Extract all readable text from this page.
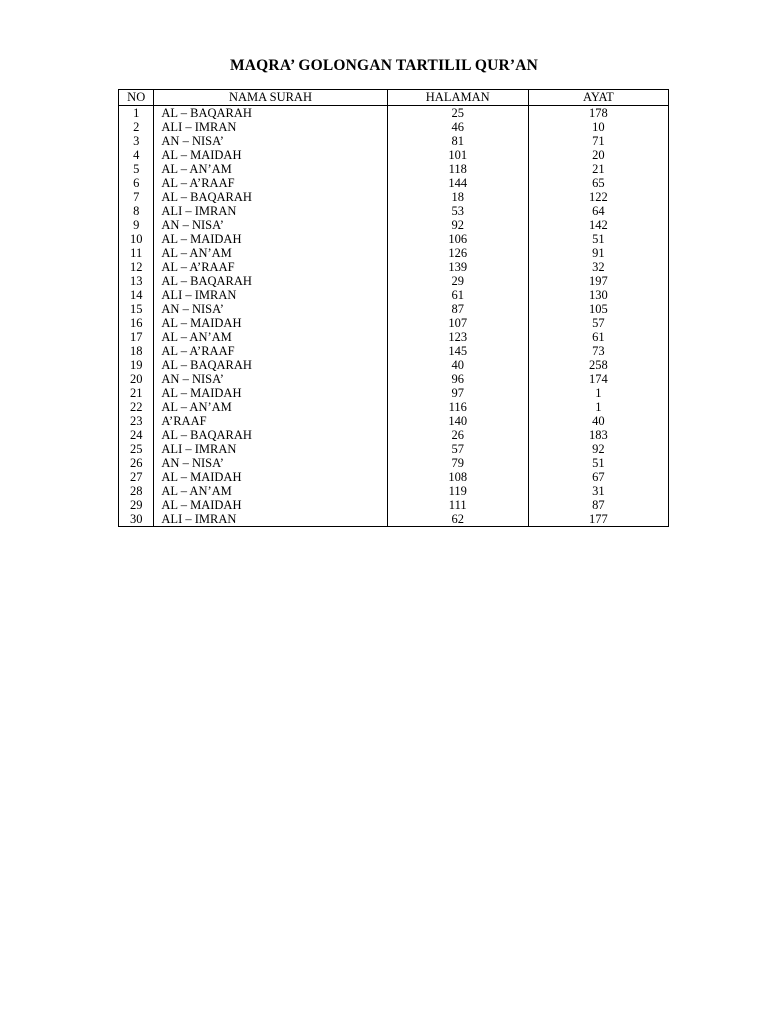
MAQRA’ GOLONGAN TARTILIL QUR’AN
NO	NAMA SURAH	HALAMAN	AYAT
1	AL – BAQARAH	25	178
2	ALI – IMRAN	46	10
3	AN – NISA’	81	71
4	AL – MAIDAH	101	20
5	AL – AN’AM	118	21
6	AL – A’RAAF	144	65
7	AL – BAQARAH	18	122
8	ALI – IMRAN	53	64
9	AN – NISA’	92	142
10	AL – MAIDAH	106	51
11	AL – AN’AM	126	91
12	AL – A’RAAF	139	32
13	AL – BAQARAH	29	197
14	ALI – IMRAN	61	130
15	AN – NISA’	87	105
16	AL – MAIDAH	107	57
17	AL – AN’AM	123	61
18	AL – A’RAAF	145	73
19	AL – BAQARAH	40	258
20	AN – NISA’	96	174
21	AL – MAIDAH	97	1
22	AL – AN’AM	116	1
23	A’RAAF	140	40
24	AL – BAQARAH	26	183
25	ALI – IMRAN	57	92
26	AN – NISA’	79	51
27	AL – MAIDAH	108	67
28	AL – AN’AM	119	31
29	AL – MAIDAH	111	87
30	ALI – IMRAN	62	177
